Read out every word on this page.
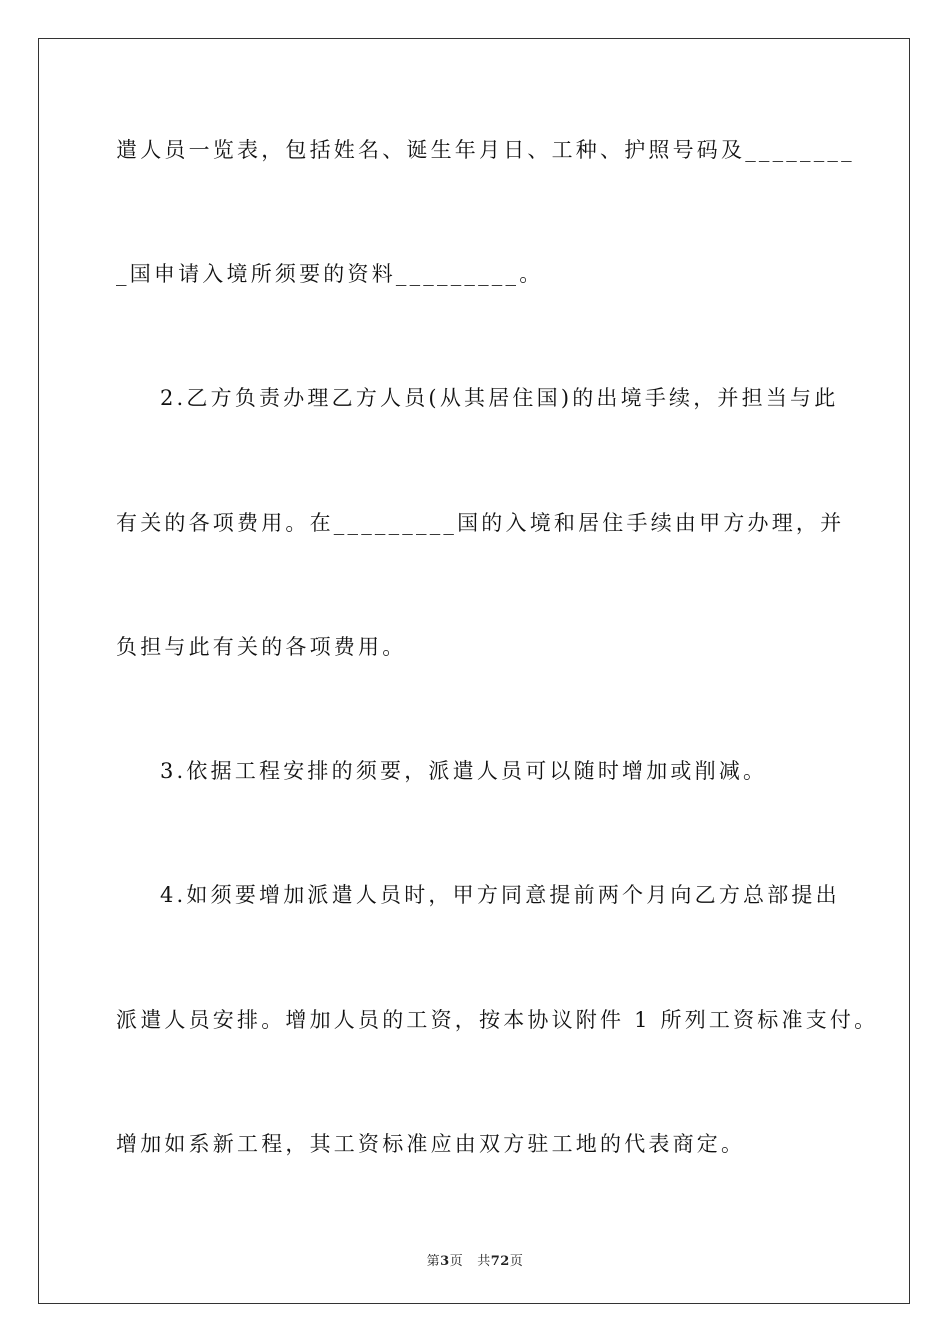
遣人员一览表，包括姓名、诞生年月日、工种、护照号码及________
_国申请入境所须要的资料_________。
2.乙方负责办理乙方人员(从其居住国)的出境手续，并担当与此
有关的各项费用。在_________国的入境和居住手续由甲方办理，并
负担与此有关的各项费用。
3.依据工程安排的须要，派遣人员可以随时增加或削减。
4.如须要增加派遣人员时，甲方同意提前两个月向乙方总部提出
派遣人员安排。增加人员的工资，按本协议附件 1 所列工资标准支付。
增加如系新工程，其工资标准应由双方驻工地的代表商定。
第3页 共72页
